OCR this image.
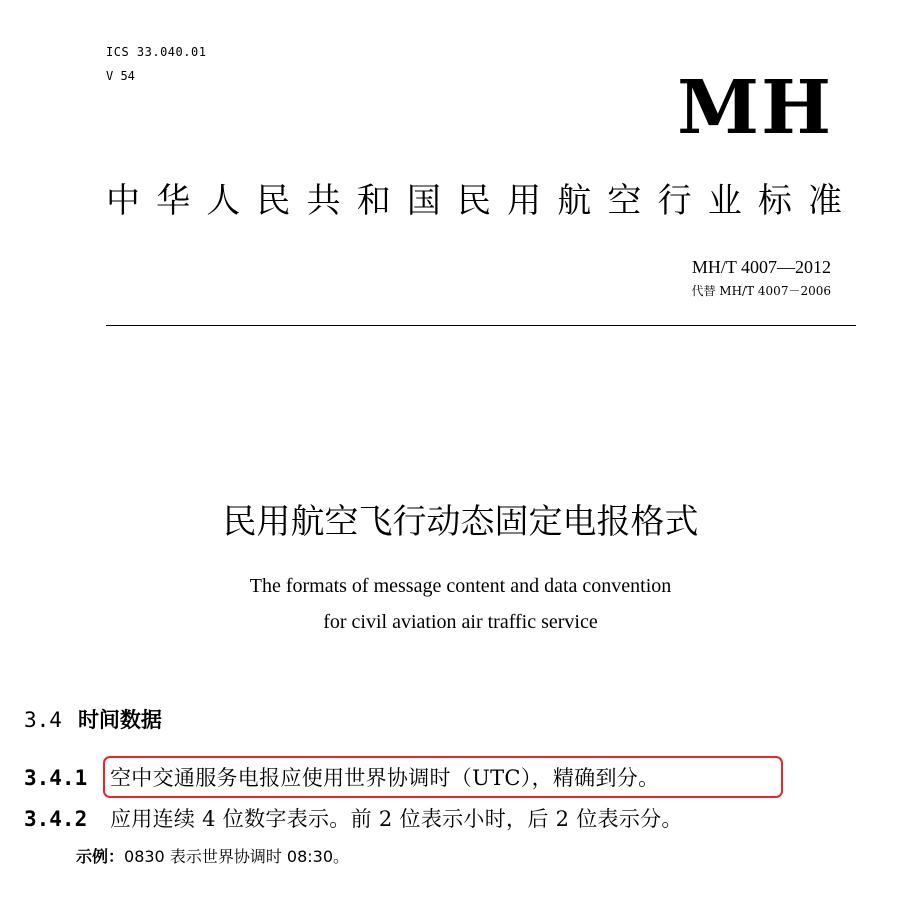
ICS 33.040.01
V 54	MH
中 华 人 民 共 和 国 民 用 航 空 行 业 标 准
MH/T 4007—2012
代替 MH/T 4007－2006
民用航空飞行动态固定电报格式
The formats of message content and data convention
for civil aviation air traffic service
3.4 时间数据
3.4.1 空中交通服务电报应使用世界协调时（UTC），精确到分。
3.4.2 应用连续 4 位数字表示。前 2 位表示小时，后 2 位表示分。
示例：0830 表示世界协调时 08:30。
